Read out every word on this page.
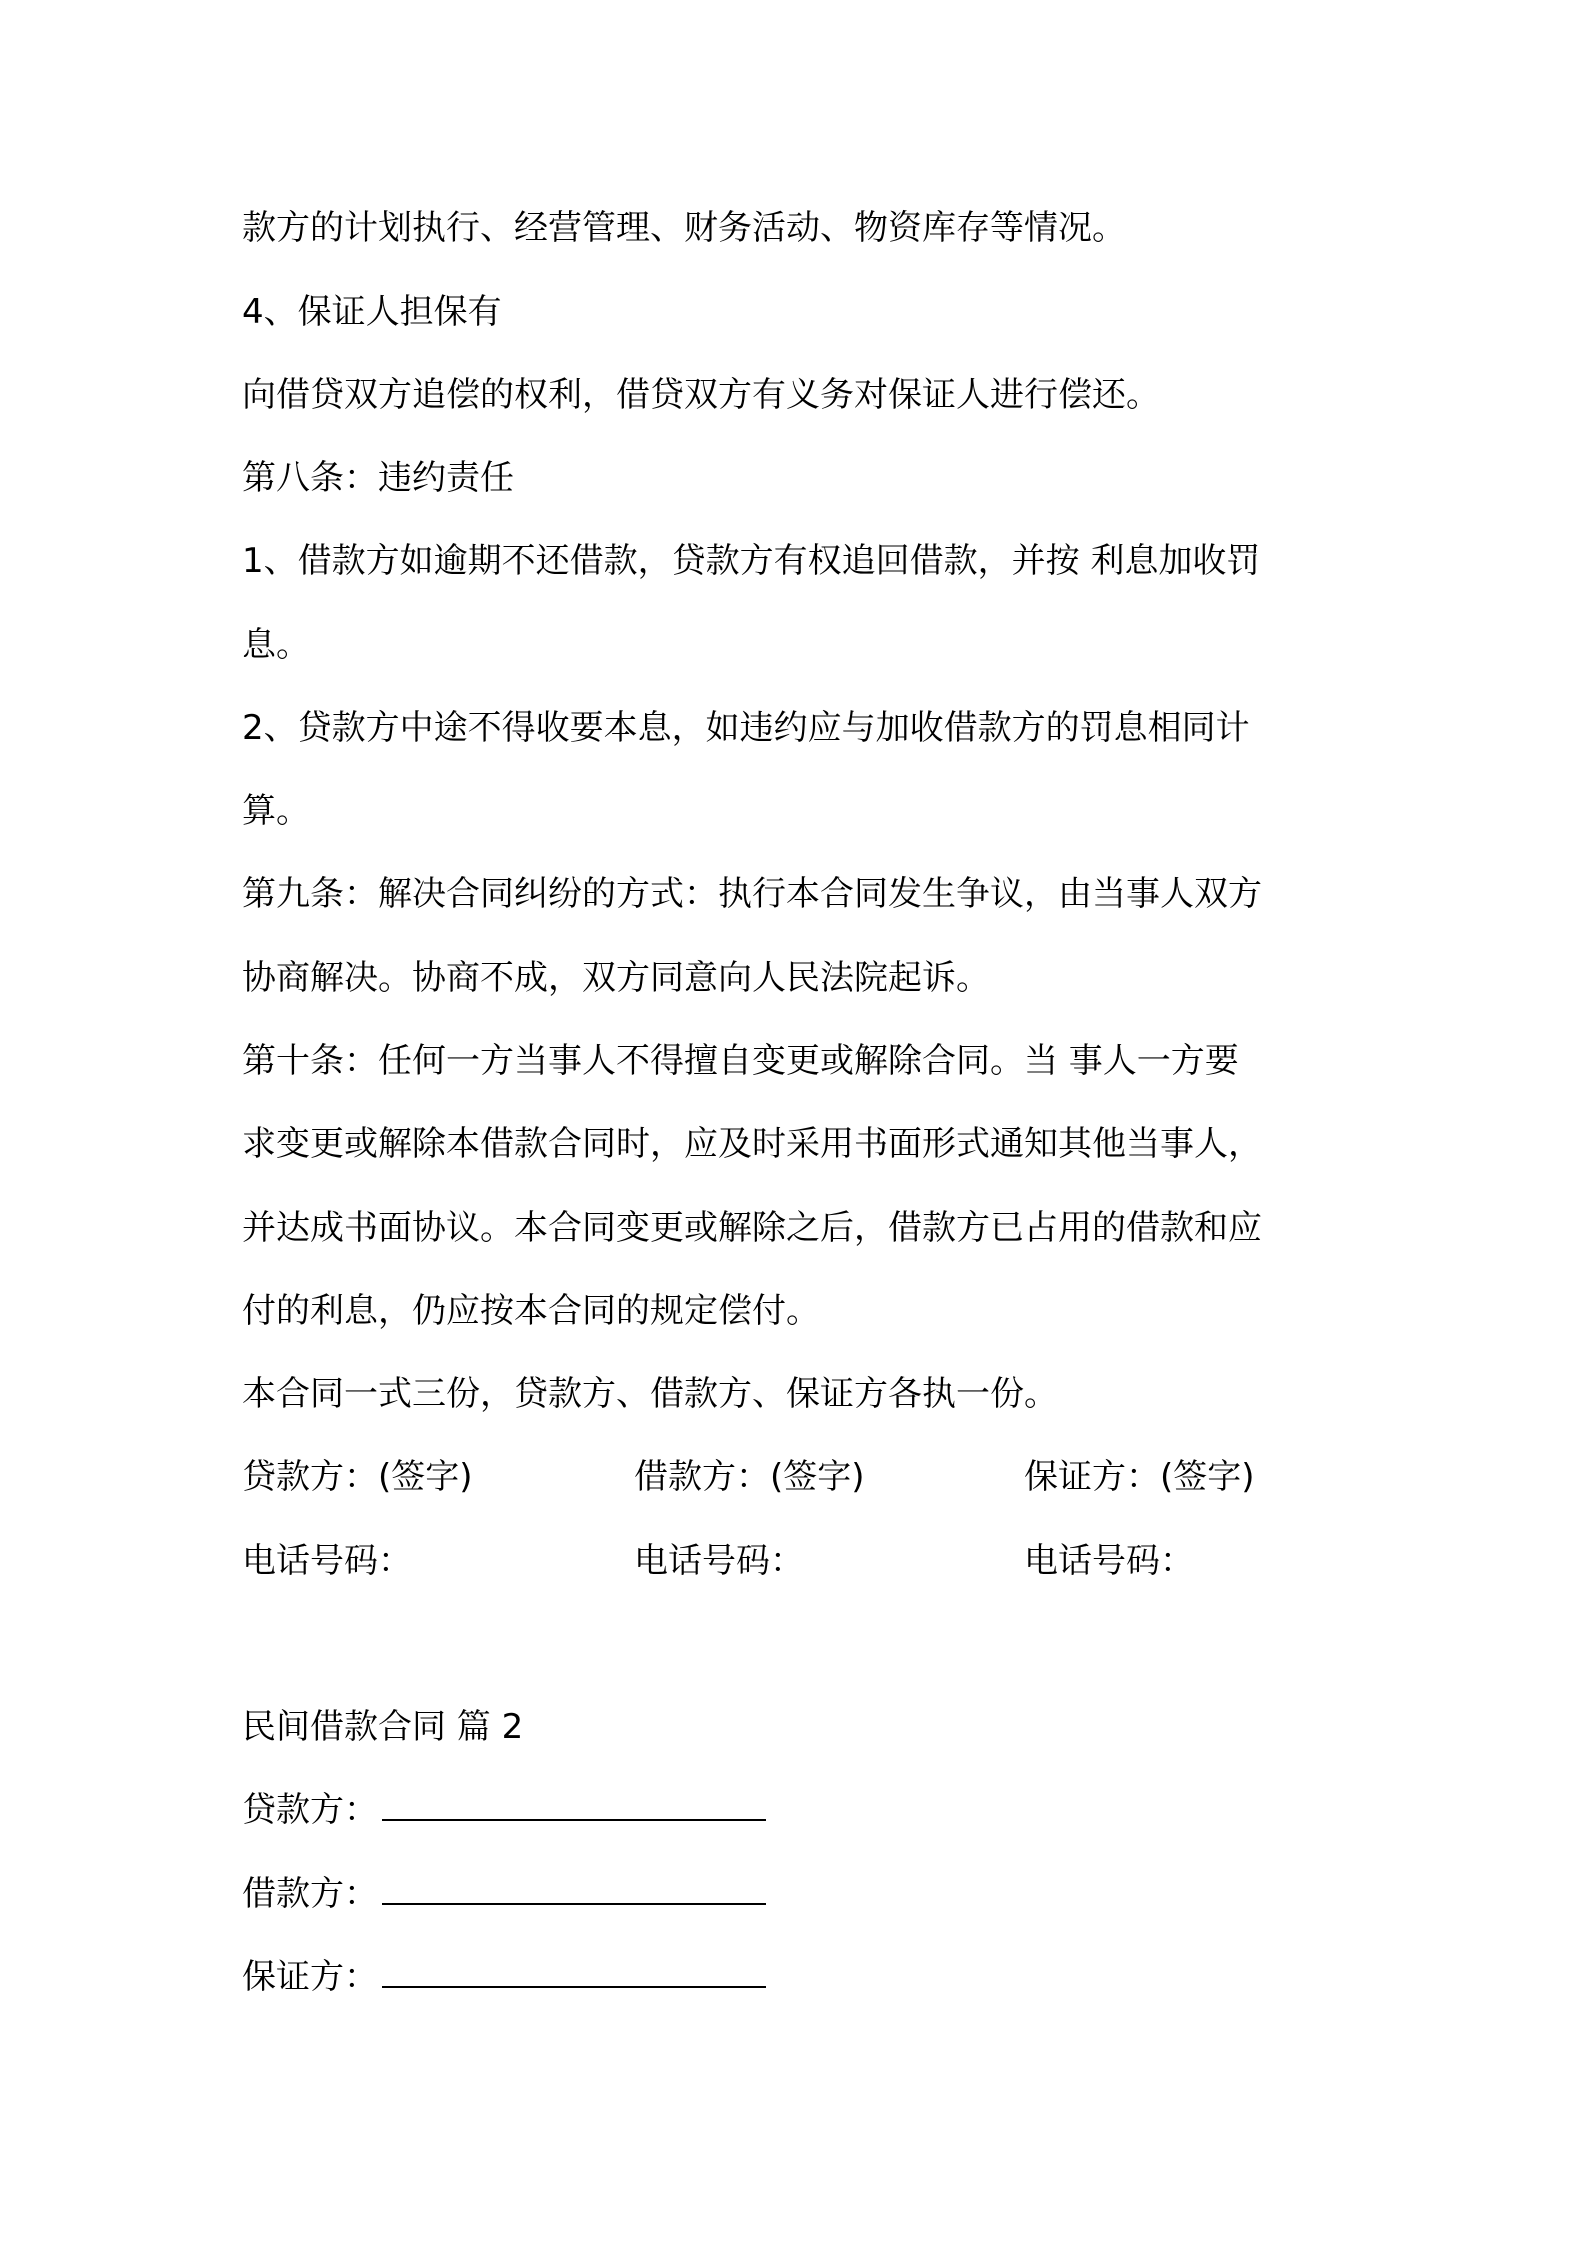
款方的计划执行、经营管理、财务活动、物资库存等情况。
4、保证人担保有
向借贷双方追偿的权利，借贷双方有义务对保证人进行偿还。
第八条：违约责任
1、借款方如逾期不还借款，贷款方有权追回借款，并按 利息加收罚
息。
2、贷款方中途不得收要本息，如违约应与加收借款方的罚息相同计
算。
第九条：解决合同纠纷的方式：执行本合同发生争议，由当事人双方
协商解决。协商不成，双方同意向人民法院起诉。
第十条：任何一方当事人不得擅自变更或解除合同。当 事人一方要
求变更或解除本借款合同时，应及时采用书面形式通知其他当事人，
并达成书面协议。本合同变更或解除之后，借款方已占用的借款和应
付的利息，仍应按本合同的规定偿付。
本合同一式三份，贷款方、借款方、保证方各执一份。
贷款方：(签字)	借款方：(签字)	保证方：(签字)
电话号码：	电话号码：	电话号码：
民间借款合同 篇 2
贷款方：
借款方：
保证方：
